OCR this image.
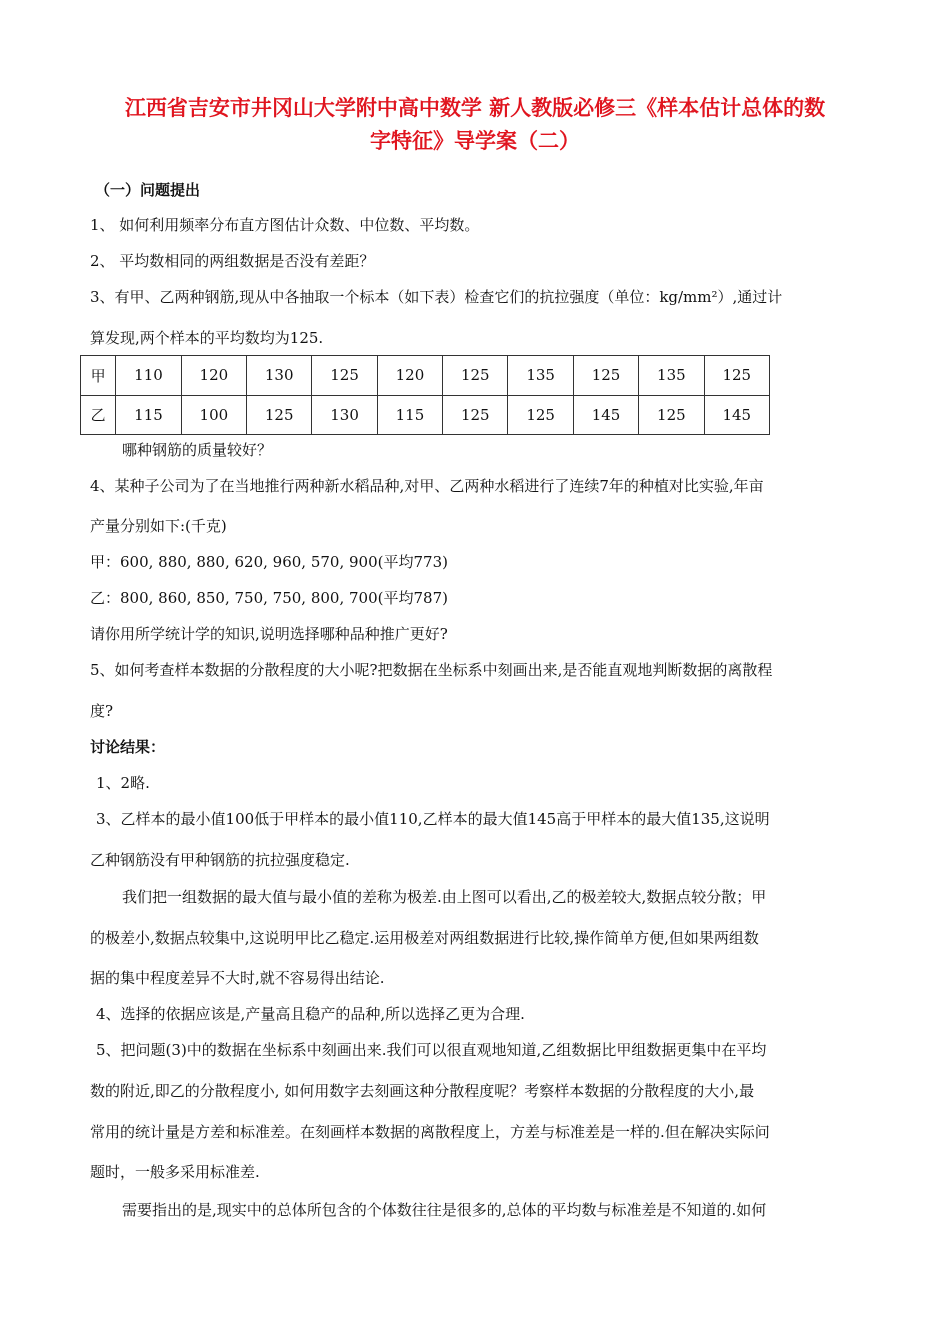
江西省吉安市井冈山大学附中高中数学 新人教版必修三《样本估计总体的数
字特征》导学案（二）
（一）问题提出
1、 如何利用频率分布直方图估计众数、中位数、平均数。
2、 平均数相同的两组数据是否没有差距？
3、有甲、乙两种钢筋,现从中各抽取一个标本（如下表）检查它们的抗拉强度（单位：kg/mm²）,通过计
算发现,两个样本的平均数均为125.
甲	110	120	130	125	120	125	135	125	135	125
乙	115	100	125	130	115	125	125	145	125	145
哪种钢筋的质量较好？
4、某种子公司为了在当地推行两种新水稻品种,对甲、乙两种水稻进行了连续7年的种植对比实验,年亩
产量分别如下:(千克)
甲：600, 880, 880, 620, 960, 570, 900(平均773)
乙：800, 860, 850, 750, 750, 800, 700(平均787)
请你用所学统计学的知识,说明选择哪种品种推广更好?
5、如何考查样本数据的分散程度的大小呢?把数据在坐标系中刻画出来,是否能直观地判断数据的离散程
度?
讨论结果：
1、2略.
3、乙样本的最小值100低于甲样本的最小值110,乙样本的最大值145高于甲样本的最大值135,这说明
乙种钢筋没有甲种钢筋的抗拉强度稳定.
我们把一组数据的最大值与最小值的差称为极差.由上图可以看出,乙的极差较大,数据点较分散；甲
的极差小,数据点较集中,这说明甲比乙稳定.运用极差对两组数据进行比较,操作简单方便,但如果两组数
据的集中程度差异不大时,就不容易得出结论.
4、选择的依据应该是,产量高且稳产的品种,所以选择乙更为合理.
5、把问题(3)中的数据在坐标系中刻画出来.我们可以很直观地知道,乙组数据比甲组数据更集中在平均
数的附近,即乙的分散程度小, 如何用数字去刻画这种分散程度呢？考察样本数据的分散程度的大小,最
常用的统计量是方差和标准差。在刻画样本数据的离散程度上，方差与标准差是一样的.但在解决实际问
题时，一般多采用标准差.
需要指出的是,现实中的总体所包含的个体数往往是很多的,总体的平均数与标准差是不知道的.如何
